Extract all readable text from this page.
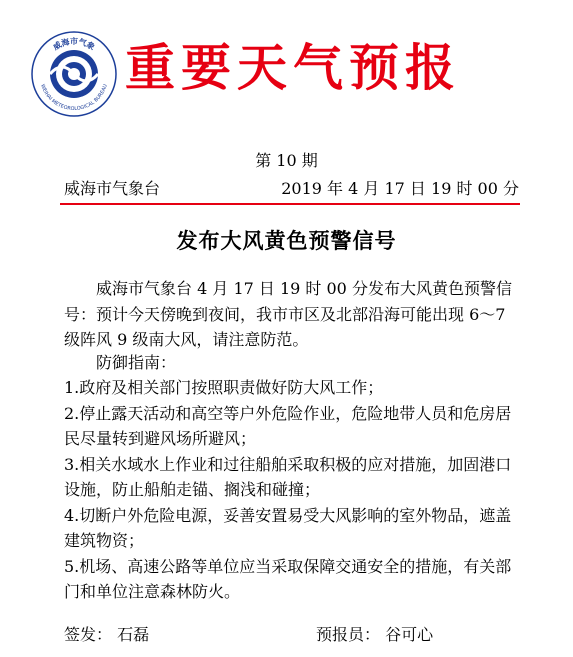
威海市气象
WEIHAI METEOROLOGICAL BUREAU 重要天气预报
第 10 期
威海市气象台	2019 年 4 月 17 日 19 时 00 分
发布大风黄色预警信号
威海市气象台 4 月 17 日 19 时 00 分发布大风黄色预警信号：预计今天傍晚到夜间，我市市区及北部沿海可能出现 6～7 级阵风 9 级南大风，请注意防范。
防御指南：
1.政府及相关部门按照职责做好防大风工作；
2.停止露天活动和高空等户外危险作业，危险地带人员和危房居民尽量转到避风场所避风；
3.相关水域水上作业和过往船舶采取积极的应对措施，加固港口设施，防止船舶走锚、搁浅和碰撞；
4.切断户外危险电源，妥善安置易受大风影响的室外物品，遮盖建筑物资；
5.机场、高速公路等单位应当采取保障交通安全的措施，有关部门和单位注意森林防火。
签发： 石磊	预报员： 谷可心
